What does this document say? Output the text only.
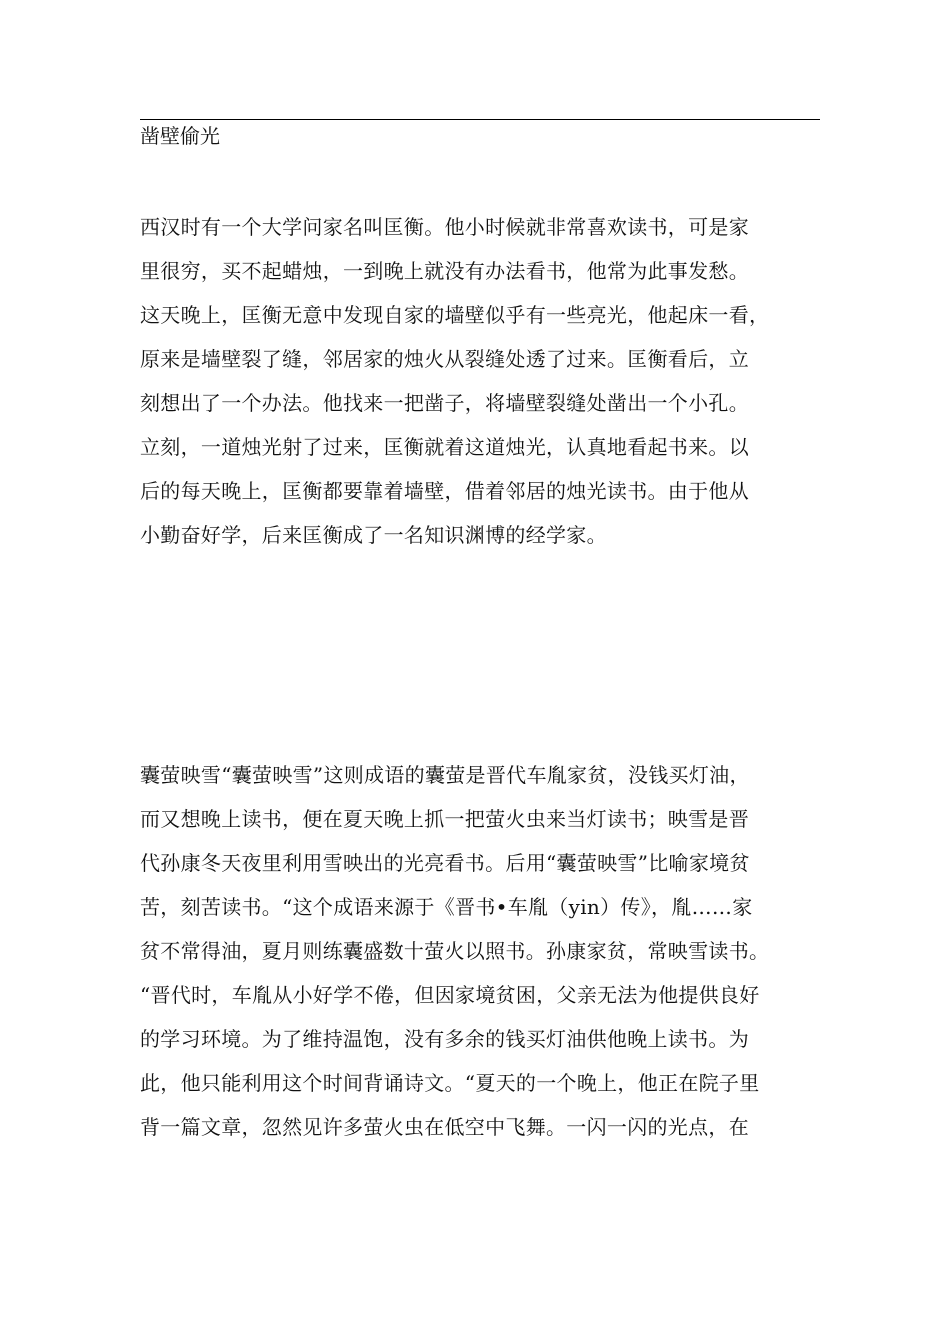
凿壁偷光
西汉时有一个大学问家名叫匡衡。他小时候就非常喜欢读书，可是家
里很穷，买不起蜡烛，一到晚上就没有办法看书，他常为此事发愁。
这天晚上，匡衡无意中发现自家的墙壁似乎有一些亮光，他起床一看，
原来是墙壁裂了缝，邻居家的烛火从裂缝处透了过来。匡衡看后，立
刻想出了一个办法。他找来一把凿子，将墙壁裂缝处凿出一个小孔。
立刻，一道烛光射了过来，匡衡就着这道烛光，认真地看起书来。以
后的每天晚上，匡衡都要靠着墙壁，借着邻居的烛光读书。由于他从
小勤奋好学，后来匡衡成了一名知识渊博的经学家。
囊萤映雪“囊萤映雪”这则成语的囊萤是晋代车胤家贫，没钱买灯油，
而又想晚上读书，便在夏天晚上抓一把萤火虫来当灯读书；映雪是晋
代孙康冬天夜里利用雪映出的光亮看书。后用“囊萤映雪”比喻家境贫
苦，刻苦读书。“这个成语来源于《晋书•车胤（yin）传》，胤……家
贫不常得油，夏月则练囊盛数十萤火以照书。孙康家贫，常映雪读书。
“晋代时，车胤从小好学不倦，但因家境贫困，父亲无法为他提供良好
的学习环境。为了维持温饱，没有多余的钱买灯油供他晚上读书。为
此，他只能利用这个时间背诵诗文。“夏天的一个晚上，他正在院子里
背一篇文章，忽然见许多萤火虫在低空中飞舞。一闪一闪的光点，在
